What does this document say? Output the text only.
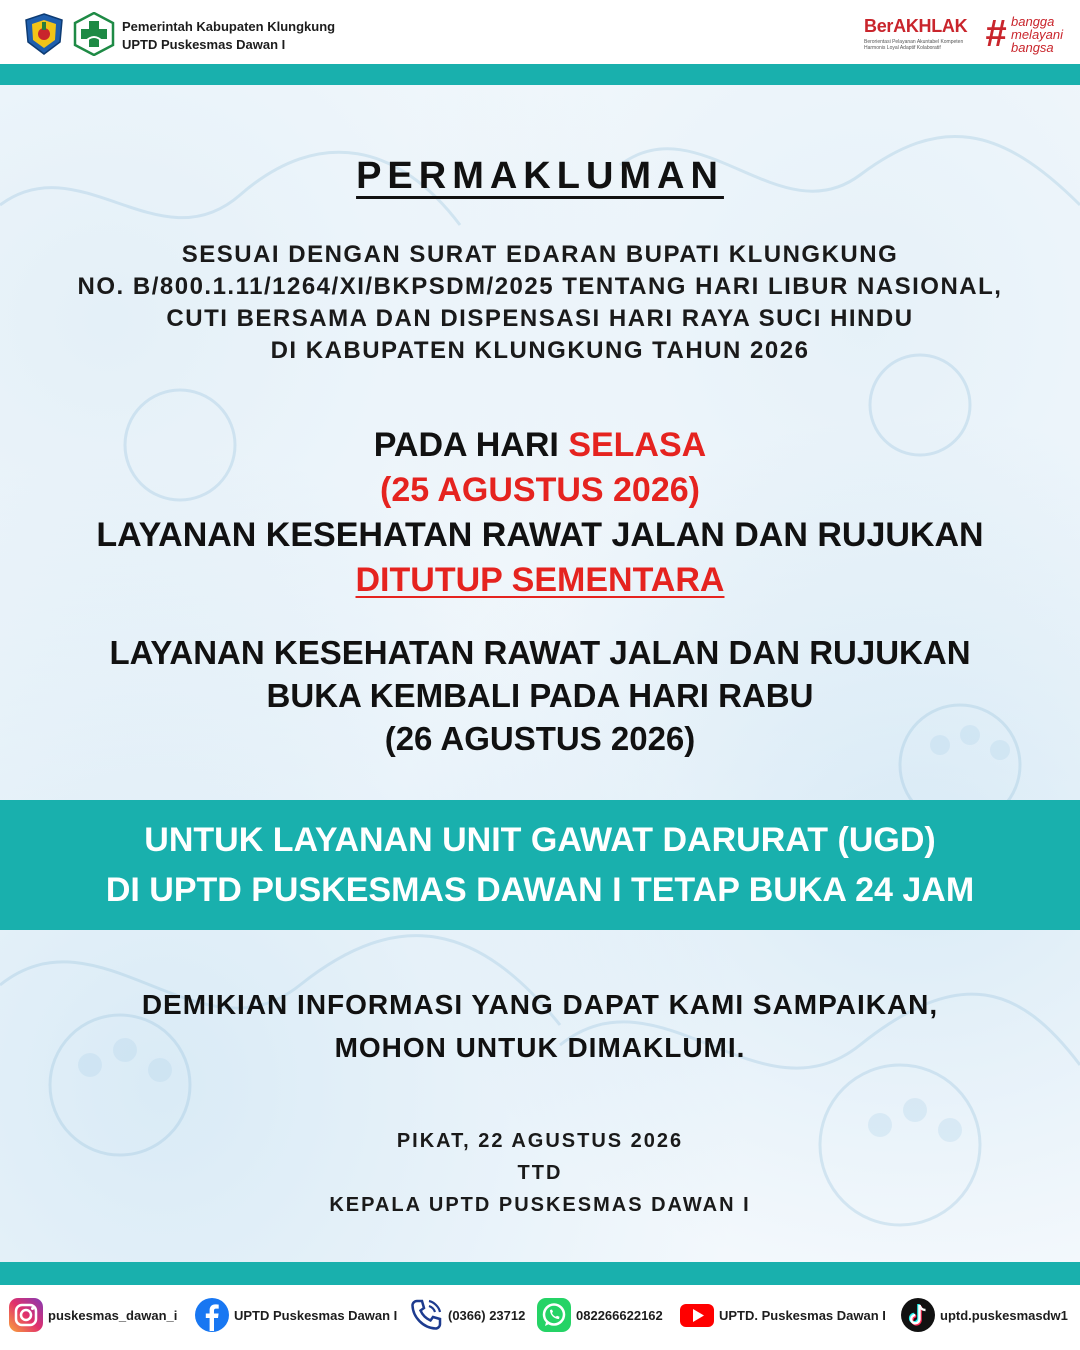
Pemerintah Kabupaten Klungkung
UPTD Puskesmas Dawan I
BerAKHLAK
Berorientasi Pelayanan Akuntabel Kompeten Harmonis Loyal Adaptif Kolaboratif	# bangga
melayani
bangsa
PERMAKLUMAN
SESUAI DENGAN SURAT EDARAN BUPATI KLUNGKUNG
NO. B/800.1.11/1264/XI/BKPSDM/2025 TENTANG HARI LIBUR NASIONAL,
CUTI BERSAMA DAN DISPENSASI HARI RAYA SUCI HINDU
DI KABUPATEN KLUNGKUNG TAHUN 2026
PADA HARI SELASA
(25 AGUSTUS 2026)
LAYANAN KESEHATAN RAWAT JALAN DAN RUJUKAN
DITUTUP SEMENTARA
LAYANAN KESEHATAN RAWAT JALAN DAN RUJUKAN
BUKA KEMBALI PADA HARI RABU
(26 AGUSTUS 2026)
UNTUK LAYANAN UNIT GAWAT DARURAT (UGD)
DI UPTD PUSKESMAS DAWAN I TETAP BUKA 24 JAM
DEMIKIAN INFORMASI YANG DAPAT KAMI SAMPAIKAN,
MOHON UNTUK DIMAKLUMI.
PIKAT, 22 AGUSTUS 2026
TTD
KEPALA UPTD PUSKESMAS DAWAN I
puskesmas_dawan_i	UPTD Puskesmas Dawan I	(0366) 23712	082266622162	UPTD. Puskesmas Dawan I	uptd.puskesmasdw1
